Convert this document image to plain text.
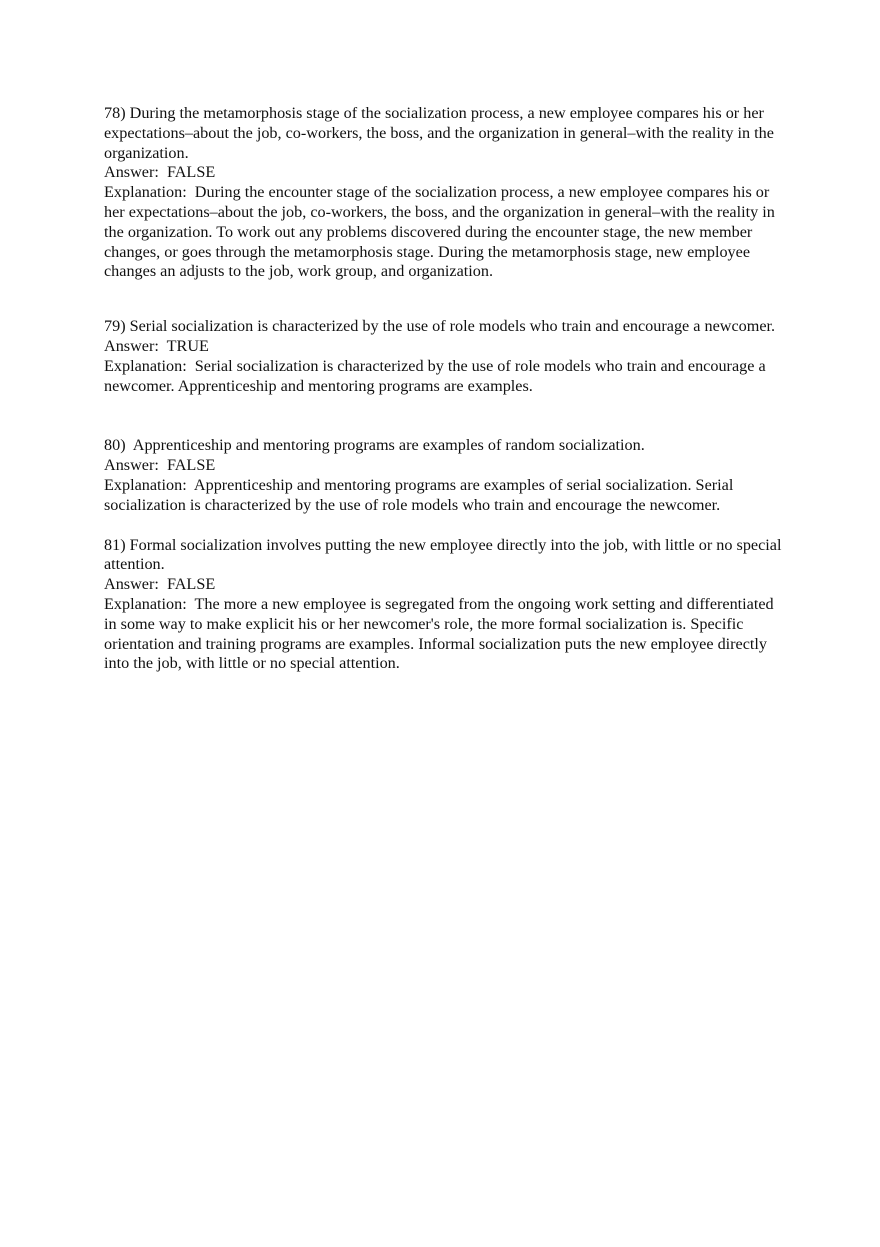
78) During the metamorphosis stage of the socialization process, a new employee compares his or her expectations–about the job, co-workers, the boss, and the organization in general–with the reality in the organization.
Answer:  FALSE
Explanation:  During the encounter stage of the socialization process, a new employee compares his or her expectations–about the job, co-workers, the boss, and the organization in general–with the reality in the organization. To work out any problems discovered during the encounter stage, the new member changes, or goes through the metamorphosis stage. During the metamorphosis stage, new employee changes an adjusts to the job, work group, and organization.
79) Serial socialization is characterized by the use of role models who train and encourage a newcomer.
Answer:  TRUE
Explanation:  Serial socialization is characterized by the use of role models who train and encourage a newcomer. Apprenticeship and mentoring programs are examples.
80)  Apprenticeship and mentoring programs are examples of random socialization.
Answer:  FALSE
Explanation:  Apprenticeship and mentoring programs are examples of serial socialization. Serial socialization is characterized by the use of role models who train and encourage the newcomer.
81) Formal socialization involves putting the new employee directly into the job, with little or no special attention.
Answer:  FALSE
Explanation:  The more a new employee is segregated from the ongoing work setting and differentiated in some way to make explicit his or her newcomer's role, the more formal socialization is. Specific orientation and training programs are examples. Informal socialization puts the new employee directly into the job, with little or no special attention.
